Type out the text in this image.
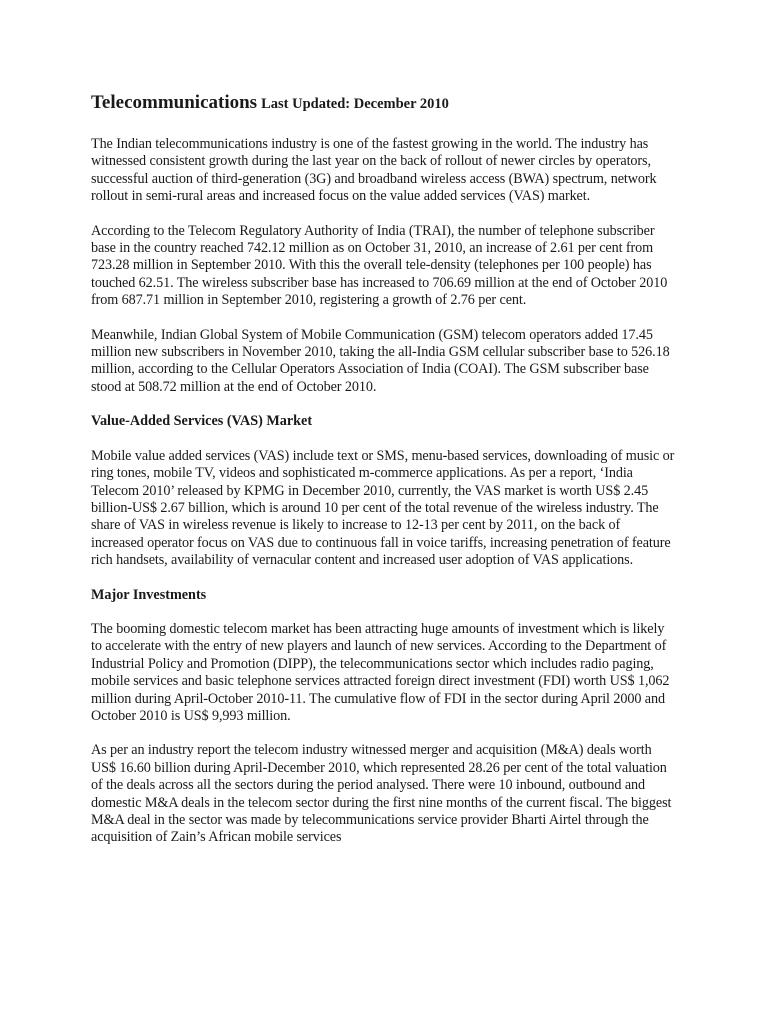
Telecommunications Last Updated: December 2010

The Indian telecommunications industry is one of the fastest growing in the world. The industry has witnessed consistent growth during the last year on the back of rollout of newer circles by operators, successful auction of third-generation (3G) and broadband wireless access (BWA) spectrum, network rollout in semi-rural areas and increased focus on the value added services (VAS) market.

According to the Telecom Regulatory Authority of India (TRAI), the number of telephone subscriber base in the country reached 742.12 million as on October 31, 2010, an increase of 2.61 per cent from 723.28 million in September 2010. With this the overall tele-density (telephones per 100 people) has touched 62.51. The wireless subscriber base has increased to 706.69 million at the end of October 2010 from 687.71 million in September 2010, registering a growth of 2.76 per cent.

Meanwhile, Indian Global System of Mobile Communication (GSM) telecom operators added 17.45 million new subscribers in November 2010, taking the all-India GSM cellular subscriber base to 526.18 million, according to the Cellular Operators Association of India (COAI). The GSM subscriber base stood at 508.72 million at the end of October 2010.

Value-Added Services (VAS) Market

Mobile value added services (VAS) include text or SMS, menu-based services, downloading of music or ring tones, mobile TV, videos and sophisticated m-commerce applications. As per a report, ‘India Telecom 2010’ released by KPMG in December 2010, currently, the VAS market is worth US$ 2.45 billion-US$ 2.67 billion, which is around 10 per cent of the total revenue of the wireless industry. The share of VAS in wireless revenue is likely to increase to 12-13 per cent by 2011, on the back of increased operator focus on VAS due to continuous fall in voice tariffs, increasing penetration of feature rich handsets, availability of vernacular content and increased user adoption of VAS applications.

Major Investments

The booming domestic telecom market has been attracting huge amounts of investment which is likely to accelerate with the entry of new players and launch of new services. According to the Department of Industrial Policy and Promotion (DIPP), the telecommunications sector which includes radio paging, mobile services and basic telephone services attracted foreign direct investment (FDI) worth US$ 1,062 million during April-October 2010-11. The cumulative flow of FDI in the sector during April 2000 and October 2010 is US$ 9,993 million.

As per an industry report the telecom industry witnessed merger and acquisition (M&A) deals worth US$ 16.60 billion during April-December 2010, which represented 28.26 per cent of the total valuation of the deals across all the sectors during the period analysed. There were 10 inbound, outbound and domestic M&A deals in the telecom sector during the first nine months of the current fiscal. The biggest M&A deal in the sector was made by telecommunications service provider Bharti Airtel through the acquisition of Zain’s African mobile services
